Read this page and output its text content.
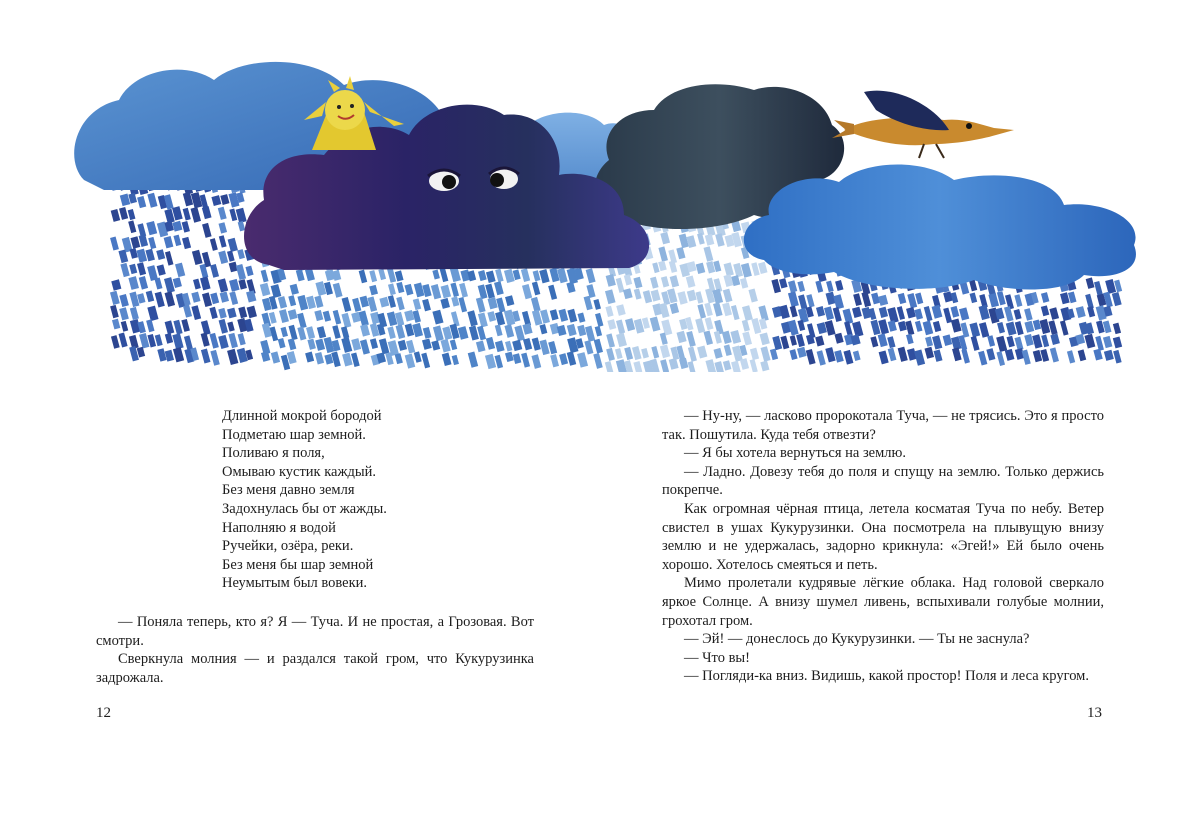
Длинной мокрой бородой
Подметаю шар земной.
Поливаю я поля,
Омываю кустик каждый.
Без меня давно земля
Задохнулась бы от жажды.
Наполняю я водой
Ручейки, озёра, реки.
Без меня бы шар земной
Неумытым был вовеки.

— Поняла теперь, кто я? Я — Туча. И не простая, а Грозовая. Вот смотри.

Сверкнула молния — и раздался такой гром, что Кукурузинка задрожала.

— Ну-ну, — ласково пророкотала Туча, — не трясись. Это я просто так. Пошутила. Куда тебя отвезти?

— Я бы хотела вернуться на землю.

— Ладно. Довезу тебя до поля и спущу на землю. Только держись покрепче.

Как огромная чёрная птица, летела косматая Туча по небу. Ветер свистел в ушах Кукурузинки. Она посмотрела на плывущую внизу землю и не удержалась, задорно крикнула: «Эгей!» Ей было очень хорошо. Хотелось смеяться и петь.

Мимо пролетали кудрявые лёгкие облака. Над головой сверкало яркое Солнце. А внизу шумел ливень, вспыхивали голубые молнии, грохотал гром.

— Эй! — донеслось до Кукурузинки. — Ты не заснула?

— Что вы!

— Погляди-ка вниз. Видишь, какой простор! Поля и леса кругом.

12	13
